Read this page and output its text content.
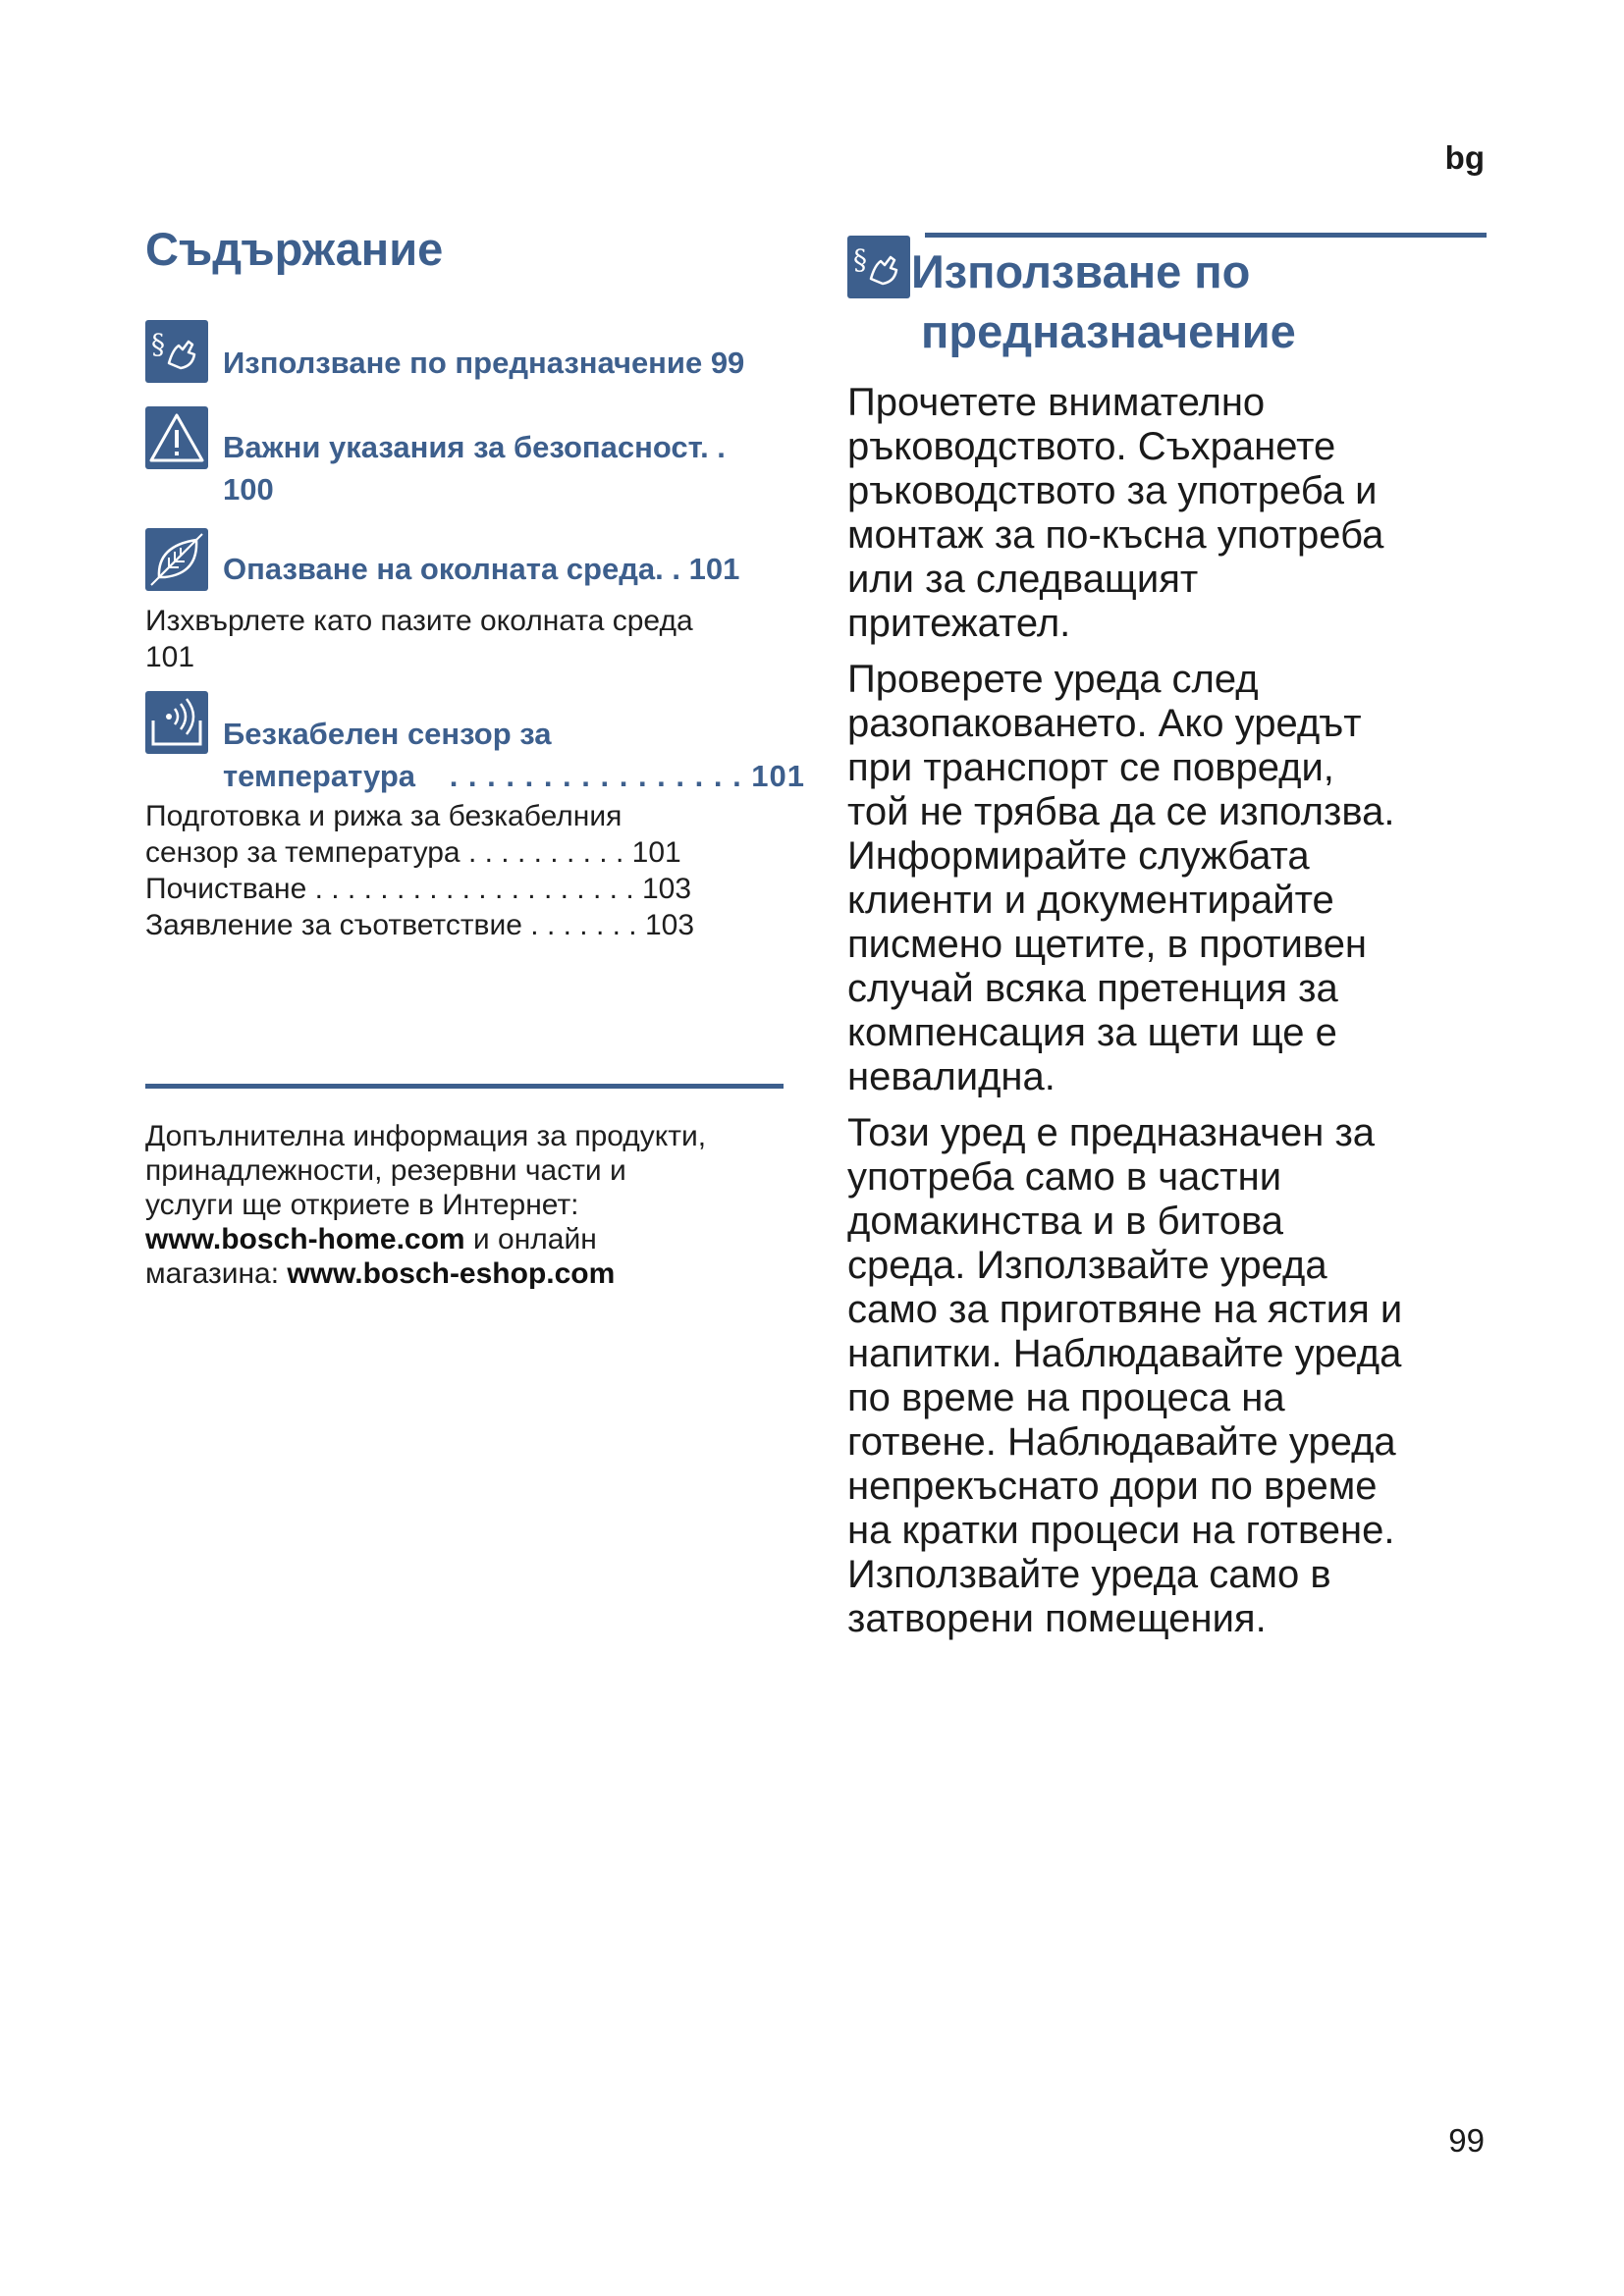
bg
Съдържание
§
Използване по предназначение 99
Важни указания за безопасност. .
100
Опазване на околната среда. . 101
Изхвърлете като пазите околната среда
101
Безкабелен сензор за
температура . . . . . . . . . . . . . . . . 101
Подготовка и рижа за безкабелния
сензор за температура . . . . . . . . . . 101
Почистване . . . . . . . . . . . . . . . . . . . . 103
Заявление за съответствие . . . . . . . 103
Допълнителна информация за продукти,
принадлежности, резервни части и
услуги ще откриете в Интернет:
www.bosch-home.com и онлайн
магазина: www.bosch-eshop.com
§ Използване по
предназначение
Прочетете внимателно
ръководството. Съхранете
ръководството за употреба и
монтаж за по-късна употреба
или за следващият
притежател.
Проверете уреда след
разопаковането. Ако уредът
при транспорт се повреди,
той не трябва да се използва.
Информирайте службата
клиенти и документирайте
писмено щетите, в противен
случай всяка претенция за
компенсация за щети ще е
невалидна.
Този уред е предназначен за
употреба само в частни
домакинства и в битова
среда. Използвайте уреда
само за приготвяне на ястия и
напитки. Наблюдавайте уреда
по време на процеса на
готвене. Наблюдавайте уреда
непрекъснато дори по време
на кратки процеси на готвене.
Използвайте уреда само в
затворени помещения.
99
